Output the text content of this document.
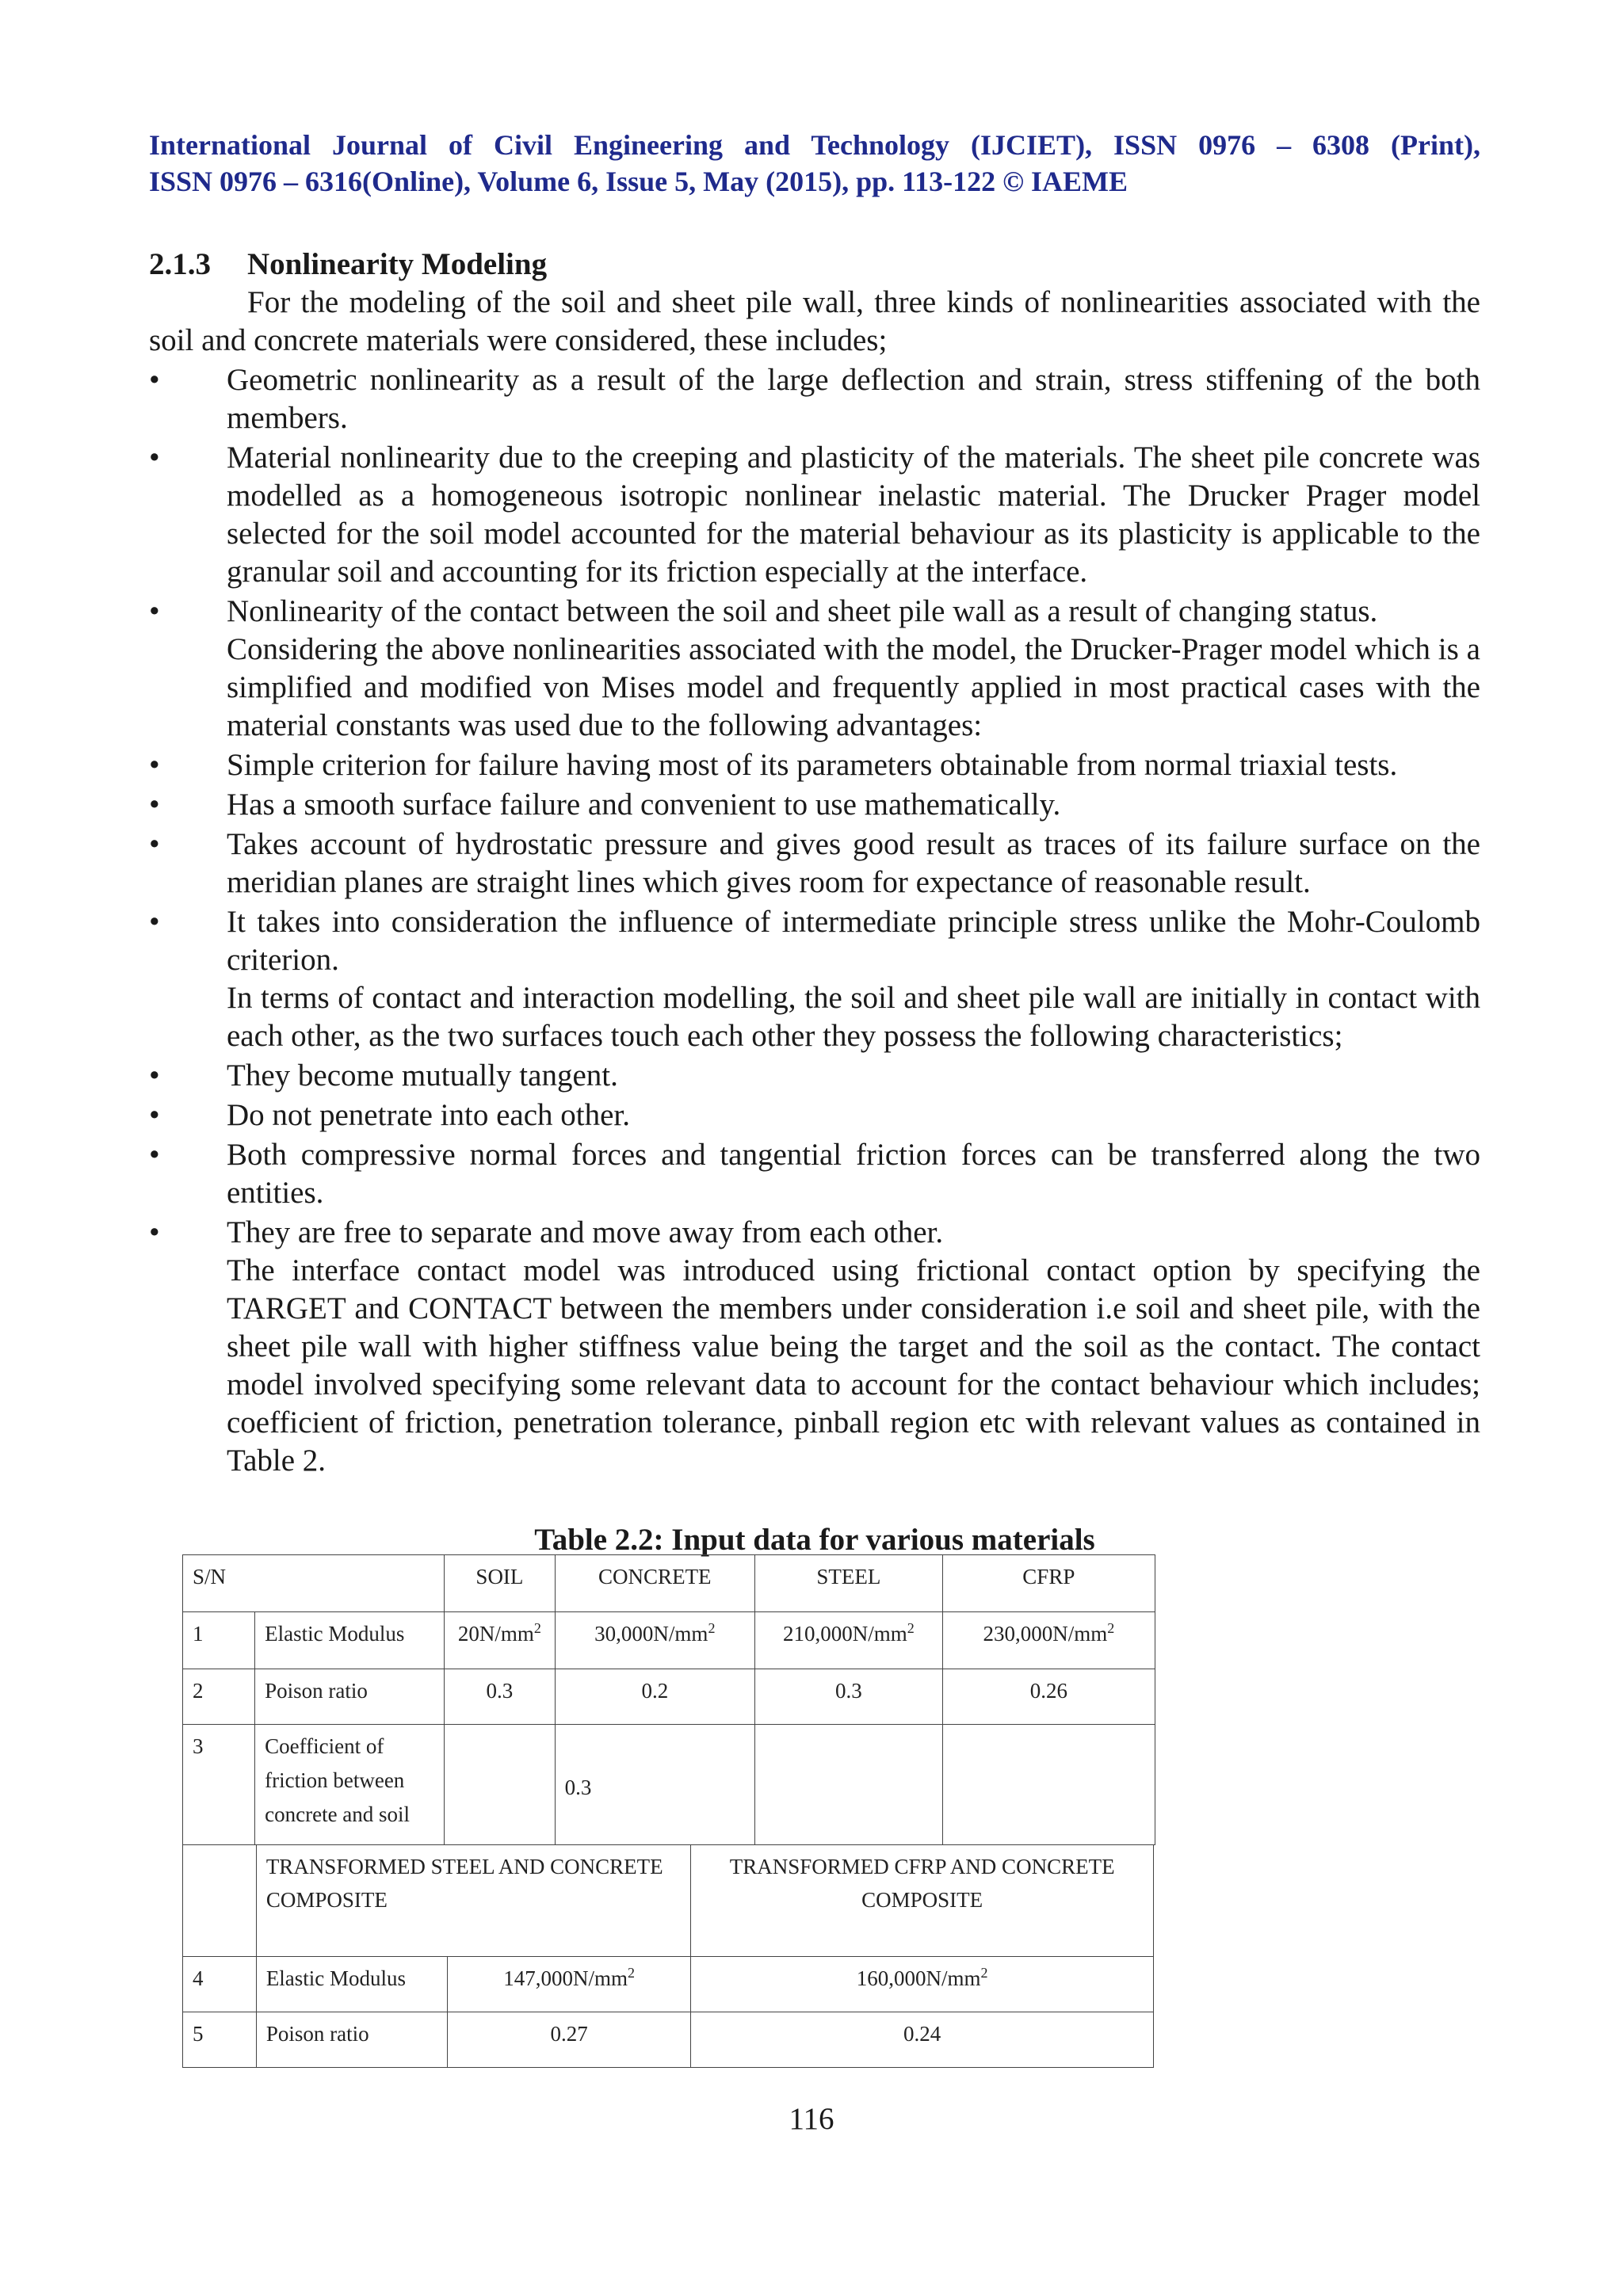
International Journal of Civil Engineering and Technology (IJCIET), ISSN 0976 – 6308 (Print),
ISSN 0976 – 6316(Online), Volume 6, Issue 5, May (2015), pp. 113-122 © IAEME
2.1.3 Nonlinearity Modeling

For the modeling of the soil and sheet pile wall, three kinds of nonlinearities associated with the soil and concrete materials were considered, these includes;

•	Geometric nonlinearity as a result of the large deflection and strain, stress stiffening of the both members.
•	Material nonlinearity due to the creeping and plasticity of the materials. The sheet pile concrete was modelled as a homogeneous isotropic nonlinear inelastic material. The Drucker Prager model selected for the soil model accounted for the material behaviour as its plasticity is applicable to the granular soil and accounting for its friction especially at the interface.
•	Nonlinearity of the contact between the soil and sheet pile wall as a result of changing status.

Considering the above nonlinearities associated with the model, the Drucker-Prager model which is a simplified and modified von Mises model and frequently applied in most practical cases with the material constants was used due to the following advantages:

•	Simple criterion for failure having most of its parameters obtainable from normal triaxial tests.
•	Has a smooth surface failure and convenient to use mathematically.
•	Takes account of hydrostatic pressure and gives good result as traces of its failure surface on the meridian planes are straight lines which gives room for expectance of reasonable result.
•	It takes into consideration the influence of intermediate principle stress unlike the Mohr-Coulomb criterion.

In terms of contact and interaction modelling, the soil and sheet pile wall are initially in contact with each other, as the two surfaces touch each other they possess the following characteristics;

•	They become mutually tangent.
•	Do not penetrate into each other.
•	Both compressive normal forces and tangential friction forces can be transferred along the two entities.
•	They are free to separate and move away from each other.

The interface contact model was introduced using frictional contact option by specifying the TARGET and CONTACT between the members under consideration i.e soil and sheet pile, with the sheet pile wall with higher stiffness value being the target and the soil as the contact. The contact model involved specifying some relevant data to account for the contact behaviour which includes; coefficient of friction, penetration tolerance, pinball region etc with relevant values as contained in Table 2.

Table 2.2: Input data for various materials
S/N		SOIL	CONCRETE	STEEL	CFRP
1	Elastic Modulus	$20N/mm^2$	$30,000N/mm^2$	$210,000N/mm^2$	$230,000N/mm^2$
2	Poison ratio	0.3	0.2	0.3	0.26
3	Coefficient of friction between concrete and soil		0.3		
	TRANSFORMED STEEL AND CONCRETE COMPOSITE		TRANSFORMED CFRP AND CONCRETE COMPOSITE
4	Elastic Modulus	$147,000N/mm^2$	$160,000N/mm^2$
5	Poison ratio	0.27	0.24
116
